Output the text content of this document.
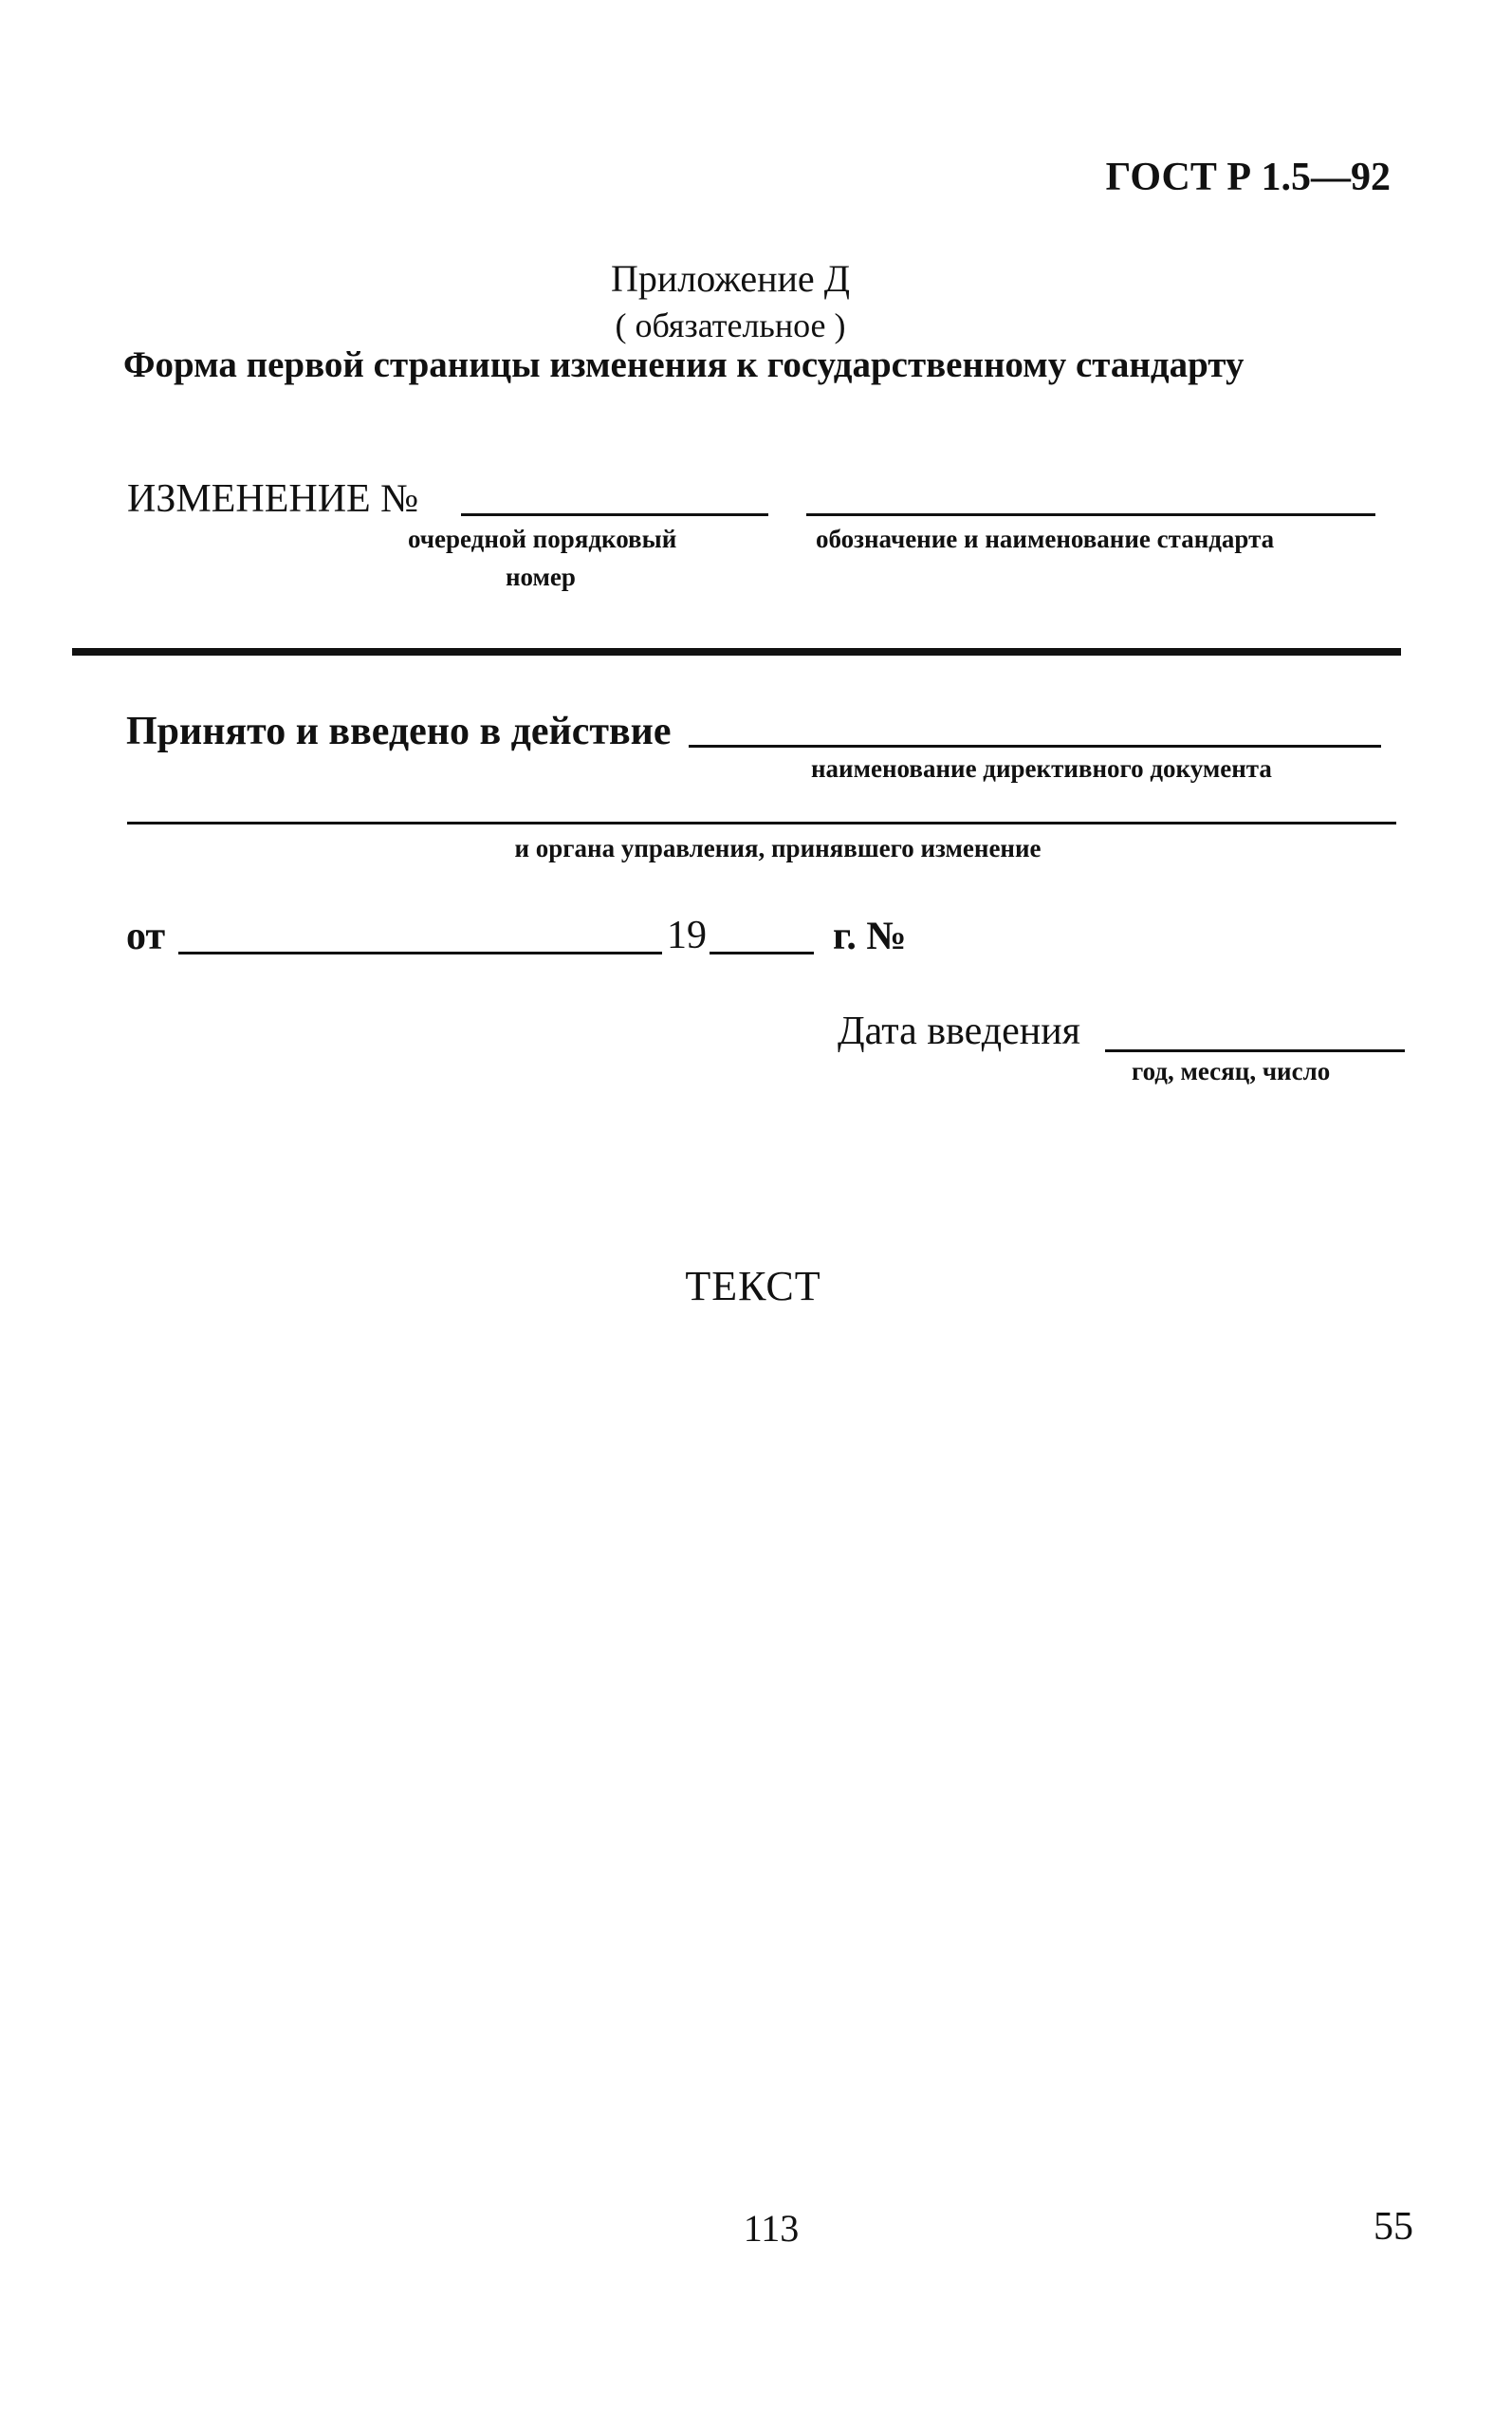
ГОСТ Р 1.5—92
Приложение Д
( обязательное )
Форма первой страницы изменения к государственному стандарту
ИЗМЕНЕНИЕ №
очередной порядковый
номер
обозначение и наименование стандарта
Принято и введено в действие
наименование директивного документа
и органа управления, принявшего изменение
от	19	г. №
Дата введения
год, месяц, число
ТЕКСТ
113	55
